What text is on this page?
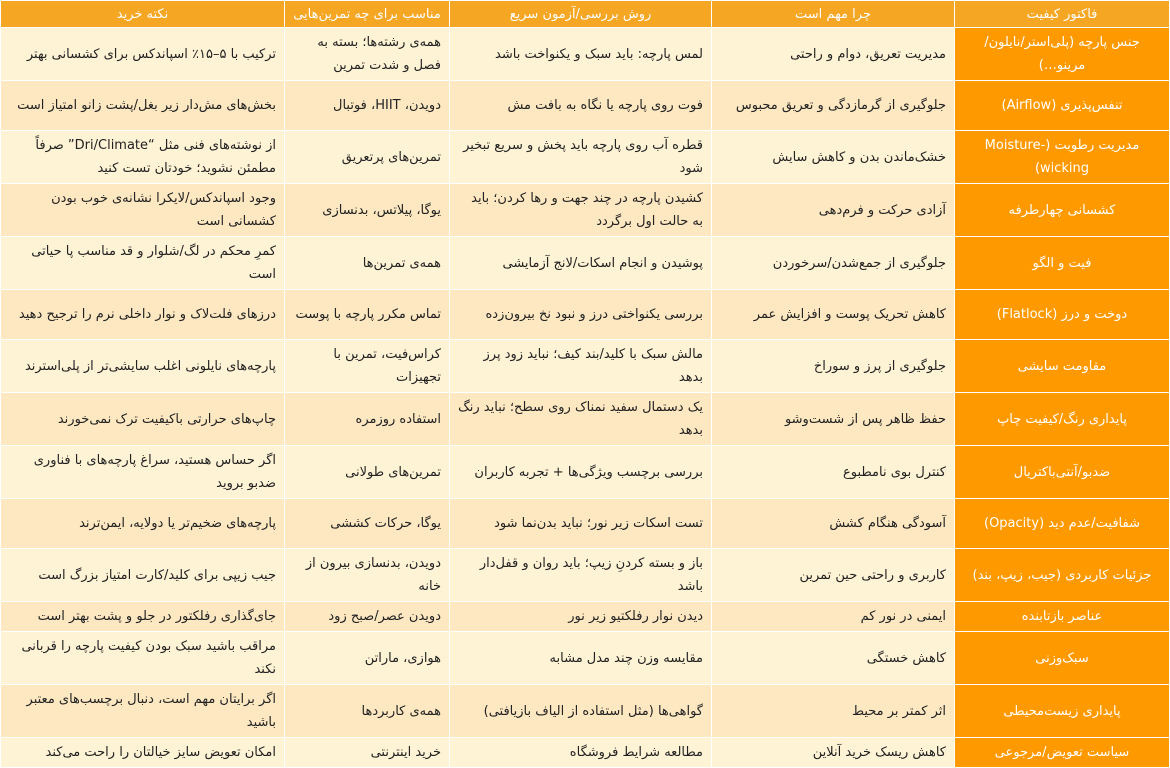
فاکتور کیفیت	چرا مهم است	روش بررسی/آزمون سریع	مناسب برای چه تمرین‌هایی	نکته خرید
جنس پارچه (پلی‌استر/نایلون/مرینو…)	مدیریت تعریق، دوام و راحتی	لمس پارچه: باید سبک و یکنواخت باشد	همه‌ی رشته‌ها؛ بسته به فصل و شدت تمرین	ترکیب با ۵–۱۵٪ اسپاندکس برای کشسانی بهتر
تنفس‌پذیری (Airflow)	جلوگیری از گرمازدگی و تعریق محبوس	فوت روی پارچه یا نگاه به بافت مش	دویدن، HIIT، فوتبال	بخش‌های مش‌دار زیر بغل/پشت زانو امتیاز است
مدیریت رطوبت (Moisture-wicking)	خشک‌ماندن بدن و کاهش سایش	قطره آب روی پارچه باید پخش و سریع تبخیر شود	تمرین‌های پرتعریق	از نوشته‌های فنی مثل “Dri/Climate” صرفاً مطمئن نشوید؛ خودتان تست کنید
کشسانی چهارطرفه	آزادی حرکت و فرم‌دهی	کشیدن پارچه در چند جهت و رها کردن؛ باید به حالت اول برگردد	یوگا، پیلاتس، بدنسازی	وجود اسپاندکس/لایکرا نشانه‌ی خوب بودن کشسانی است
فیت و الگو	جلوگیری از جمع‌شدن/سرخوردن	پوشیدن و انجام اسکات/لانج آزمایشی	همه‌ی تمرین‌ها	کمرِ محکم در لگ/شلوار و قد مناسب پا حیاتی است
دوخت و درز (Flatlock)	کاهش تحریک پوست و افزایش عمر	بررسی یکنواختی درز و نبود نخ بیرون‌زده	تماس مکرر پارچه با پوست	درزهای فلت‌لاک و نوار داخلی نرم را ترجیح دهید
مقاومت سایشی	جلوگیری از پرز و سوراخ	مالش سبک با کلید/بند کیف؛ نباید زود پرز بدهد	کراس‌فیت، تمرین با تجهیزات	پارچه‌های نایلونی اغلب سایشی‌تر از پلی‌استرند
پایداری رنگ/کیفیت چاپ	حفظ ظاهر پس از شست‌وشو	یک دستمال سفید نمناک روی سطح؛ نباید رنگ بدهد	استفاده روزمره	چاپ‌های حرارتی باکیفیت ترک نمی‌خورند
ضدبو/آنتی‌باکتریال	کنترل بوی نامطبوع	بررسی برچسب ویژگی‌ها + تجربه کاربران	تمرین‌های طولانی	اگر حساس هستید، سراغ پارچه‌های با فناوری ضدبو بروید
شفافیت/عدم دید (Opacity)	آسودگی هنگام کشش	تست اسکات زیر نور؛ نباید بدن‌نما شود	یوگا، حرکات کششی	پارچه‌های ضخیم‌تر یا دولایه، ایمن‌ترند
جزئیات کاربردی (جیب، زیپ، بند)	کاربری و راحتی حین تمرین	باز و بسته کردنِ زیپ؛ باید روان و قفل‌دار باشد	دویدن، بدنسازی بیرون از خانه	جیب زیپی برای کلید/کارت امتیاز بزرگ است
عناصر بازتابنده	ایمنی در نور کم	دیدن نوار رفلکتیو زیر نور	دویدن عصر/صبح زود	جای‌گذاری رفلکتور در جلو و پشت بهتر است
سبک‌وزنی	کاهش خستگی	مقایسه وزن چند مدل مشابه	هوازی، ماراتن	مراقب باشید سبک بودن کیفیت پارچه را قربانی نکند
پایداری زیست‌محیطی	اثر کمتر بر محیط	گواهی‌ها (مثل استفاده از الیاف بازیافتی)	همه‌ی کاربردها	اگر برایتان مهم است، دنبال برچسب‌های معتبر باشید
سیاست تعویض/مرجوعی	کاهش ریسک خرید آنلاین	مطالعه شرایط فروشگاه	خرید اینترنتی	امکان تعویض سایز خیالتان را راحت می‌کند
